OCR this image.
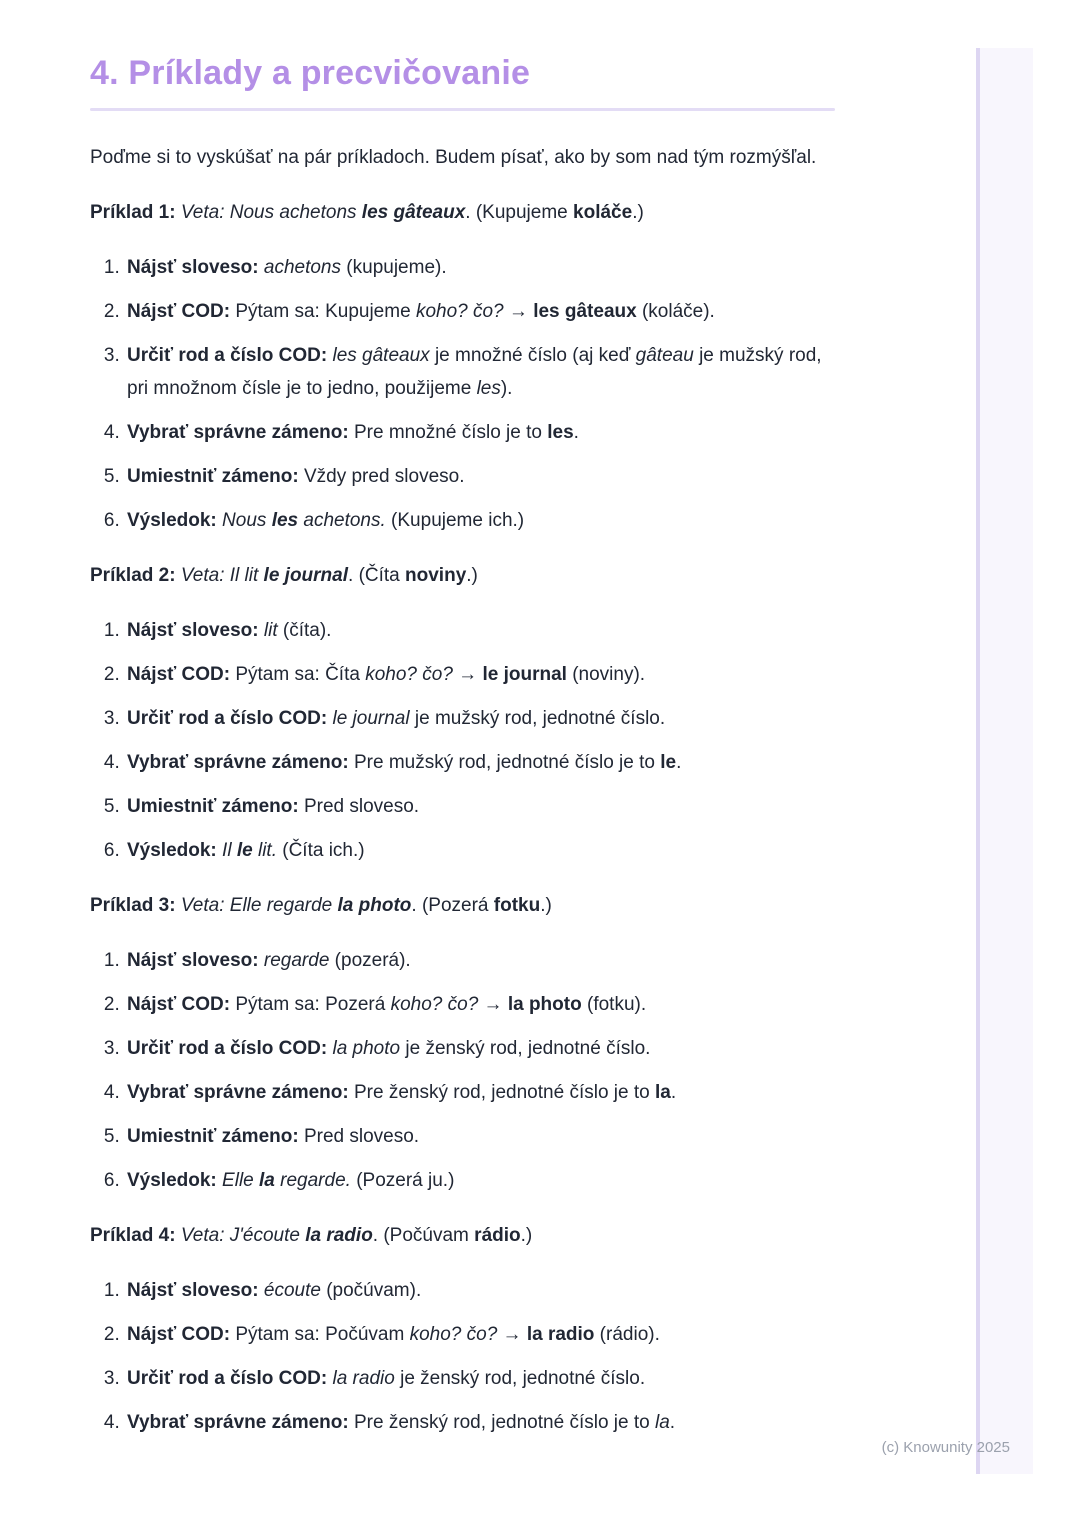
4. Príklady a precvičovanie

Poďme si to vyskúšať na pár príkladoch. Budem písať, ako by som nad tým rozmýšľal.

Príklad 1: Veta: Nous achetons les gâteaux. (Kupujeme koláče.)

1. Nájsť sloveso: achetons (kupujeme).
2. Nájsť COD: Pýtam sa: Kupujeme koho? čo? → les gâteaux (koláče).
3. Určiť rod a číslo COD: les gâteaux je množné číslo (aj keď gâteau je mužský rod, pri množnom čísle je to jedno, použijeme les).
4. Vybrať správne zámeno: Pre množné číslo je to les.
5. Umiestniť zámeno: Vždy pred sloveso.
6. Výsledok: Nous les achetons. (Kupujeme ich.)

Príklad 2: Veta: Il lit le journal. (Číta noviny.)

1. Nájsť sloveso: lit (číta).
2. Nájsť COD: Pýtam sa: Číta koho? čo? → le journal (noviny).
3. Určiť rod a číslo COD: le journal je mužský rod, jednotné číslo.
4. Vybrať správne zámeno: Pre mužský rod, jednotné číslo je to le.
5. Umiestniť zámeno: Pred sloveso.
6. Výsledok: Il le lit. (Číta ich.)

Príklad 3: Veta: Elle regarde la photo. (Pozerá fotku.)

1. Nájsť sloveso: regarde (pozerá).
2. Nájsť COD: Pýtam sa: Pozerá koho? čo? → la photo (fotku).
3. Určiť rod a číslo COD: la photo je ženský rod, jednotné číslo.
4. Vybrať správne zámeno: Pre ženský rod, jednotné číslo je to la.
5. Umiestniť zámeno: Pred sloveso.
6. Výsledok: Elle la regarde. (Pozerá ju.)

Príklad 4: Veta: J'écoute la radio. (Počúvam rádio.)

1. Nájsť sloveso: écoute (počúvam).
2. Nájsť COD: Pýtam sa: Počúvam koho? čo? → la radio (rádio).
3. Určiť rod a číslo COD: la radio je ženský rod, jednotné číslo.
4. Vybrať správne zámeno: Pre ženský rod, jednotné číslo je to la.
(c) Knowunity 2025
